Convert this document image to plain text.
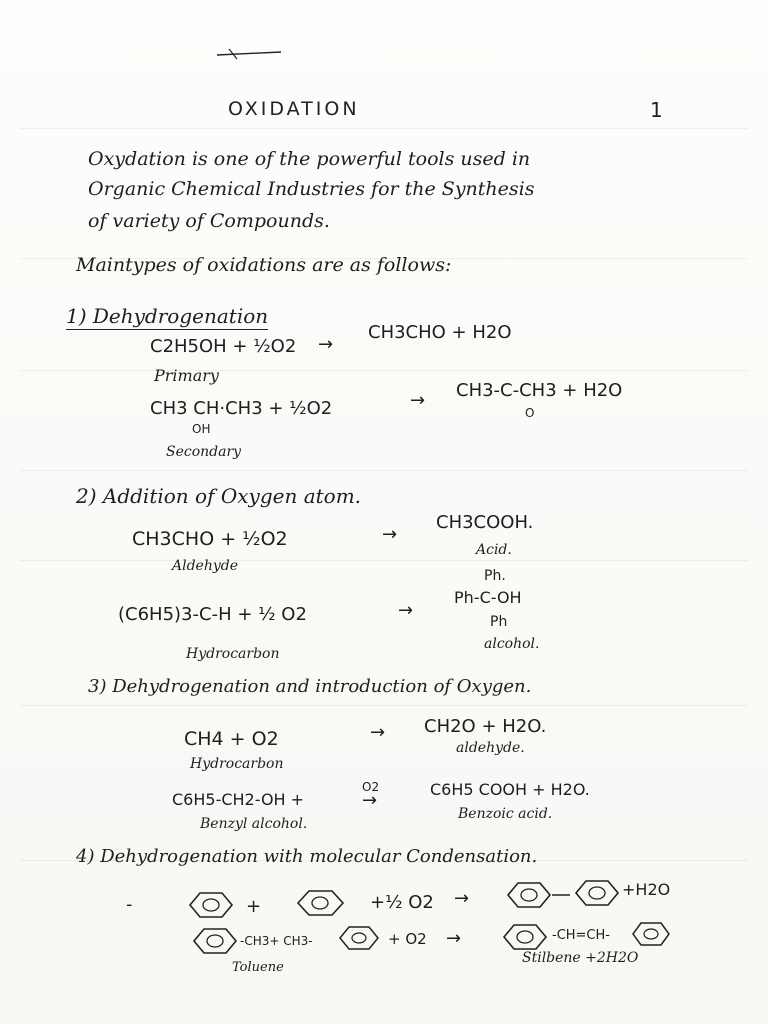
OXIDATION	1
Oxydation is one of the powerful tools used in
Organic Chemical Industries for the Synthesis
of variety of Compounds.
Maintypes of oxidations are as follows:
1) Dehydrogenation
C2H5OH + ½O2 →
CH3CHO + H2O
Primary
CH3 CH·CH3 + ½O2
OH
→ CH3-C-CH3 + H2O
O
Secondary
2) Addition of Oxygen atom.
CH3CHO + ½O2	→
CH3COOH.
Aldehyde
Acid.
(C6H5)3-C-H + ½ O2	→
Ph.
Ph-C-OH
Ph
Hydrocarbon
alcohol.
3) Dehydrogenation and introduction of Oxygen.
CH4 + O2	→ CH2O + H2O.
Hydrocarbon
aldehyde.
C6H5-CH2-OH +
O2
→
C6H5 COOH + H2O.
Benzyl alcohol.
Benzoic acid.
4) Dehydrogenation with molecular Condensation.
-	+	+½ O2 →	+H2O
-CH3+ CH3-	+ O2 →	-CH=CH-
Toluene
Stilbene +2H2O
